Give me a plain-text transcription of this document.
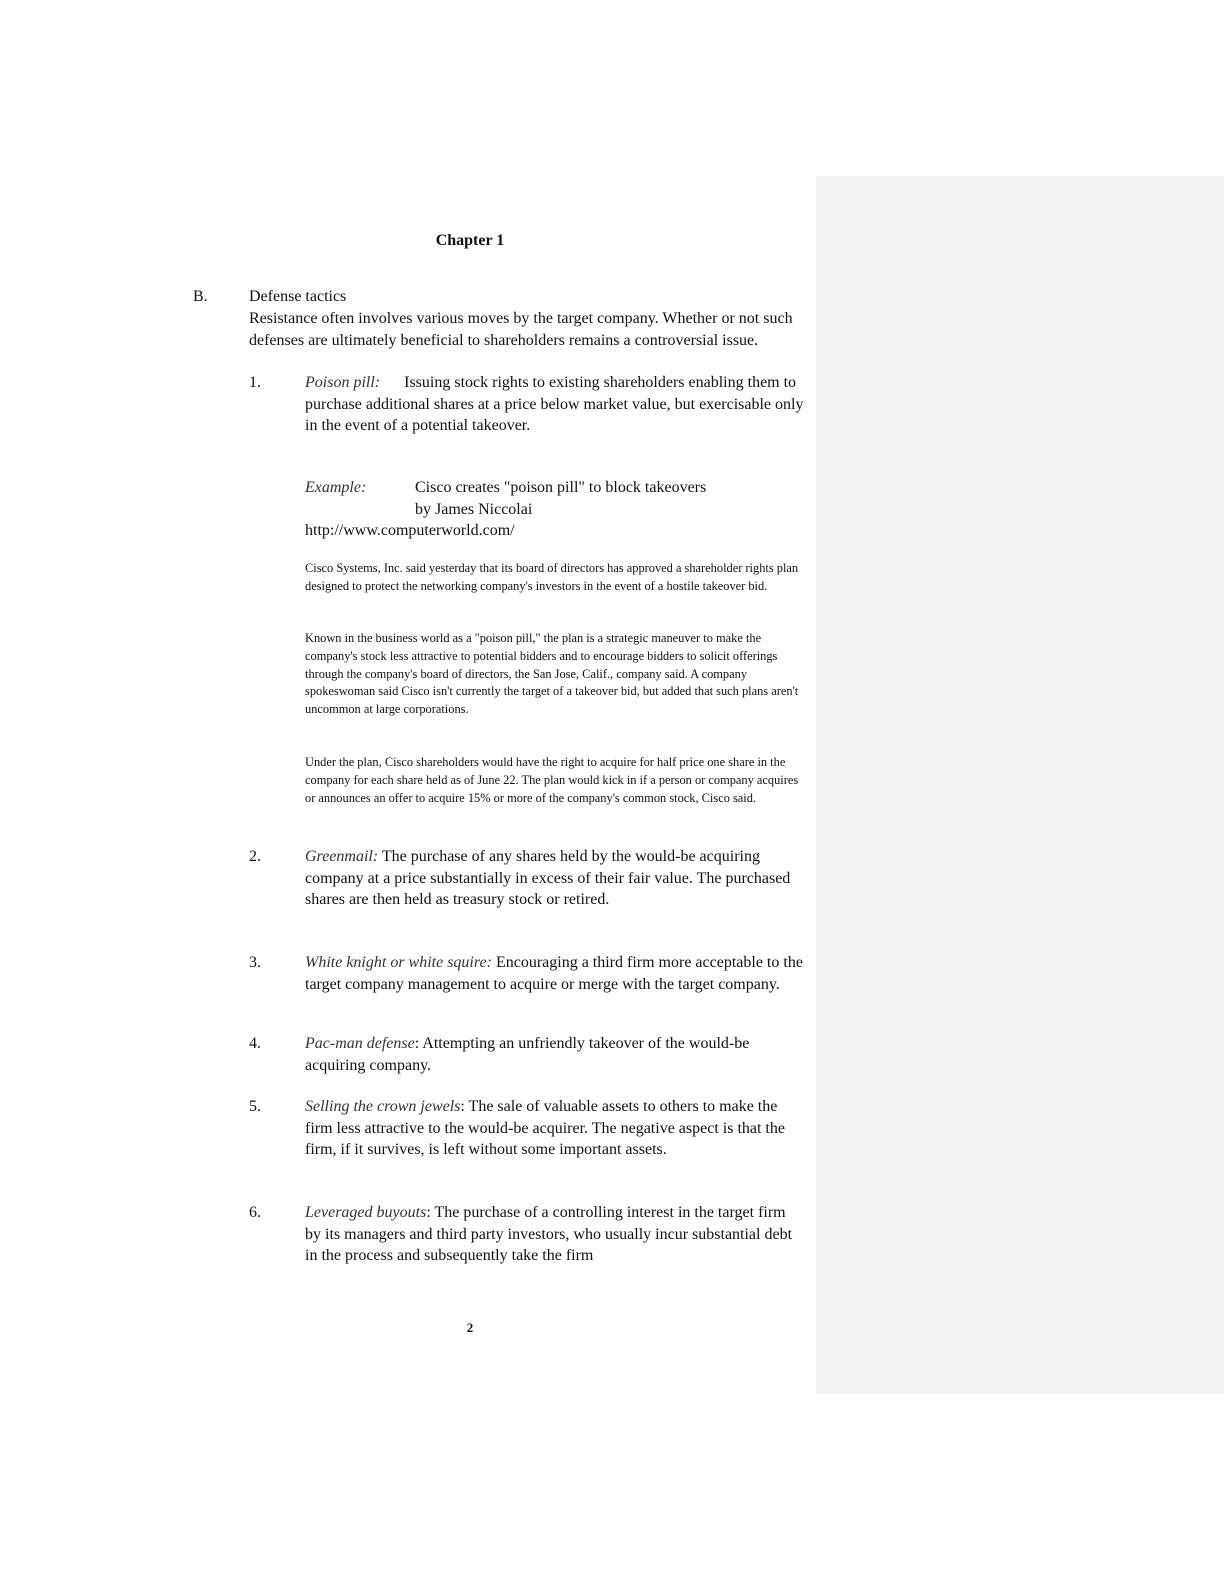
Chapter 1
B.	Defense tactics

Resistance often involves various moves by the target company. Whether or not such defenses are ultimately beneficial to shareholders remains a controversial issue.

1.	Poison pill: Issuing stock rights to existing shareholders enabling them to purchase additional shares at a price below market value, but exercisable only in the event of a potential takeover.

Example:	Cisco creates "poison pill" to block takeovers
by James Niccolai
http://www.computerworld.com/

Cisco Systems, Inc. said yesterday that its board of directors has approved a shareholder rights plan designed to protect the networking company's investors in the event of a hostile takeover bid.

Known in the business world as a "poison pill," the plan is a strategic maneuver to make the company's stock less attractive to potential bidders and to encourage bidders to solicit offerings through the company's board of directors, the San Jose, Calif., company said. A company spokeswoman said Cisco isn't currently the target of a takeover bid, but added that such plans aren't uncommon at large corporations.

Under the plan, Cisco shareholders would have the right to acquire for half price one share in the company for each share held as of June 22. The plan would kick in if a person or company acquires or announces an offer to acquire 15% or more of the company's common stock, Cisco said.

2.	Greenmail: The purchase of any shares held by the would-be acquiring company at a price substantially in excess of their fair value. The purchased shares are then held as treasury stock or retired.

3.	White knight or white squire: Encouraging a third firm more acceptable to the target company management to acquire or merge with the target company.

4.	Pac-man defense: Attempting an unfriendly takeover of the would-be acquiring company.

5.	Selling the crown jewels: The sale of valuable assets to others to make the firm less attractive to the would-be acquirer. The negative aspect is that the firm, if it survives, is left without some important assets.

6.	Leveraged buyouts: The purchase of a controlling interest in the target firm by its managers and third party investors, who usually incur substantial debt in the process and subsequently take the firm

2
